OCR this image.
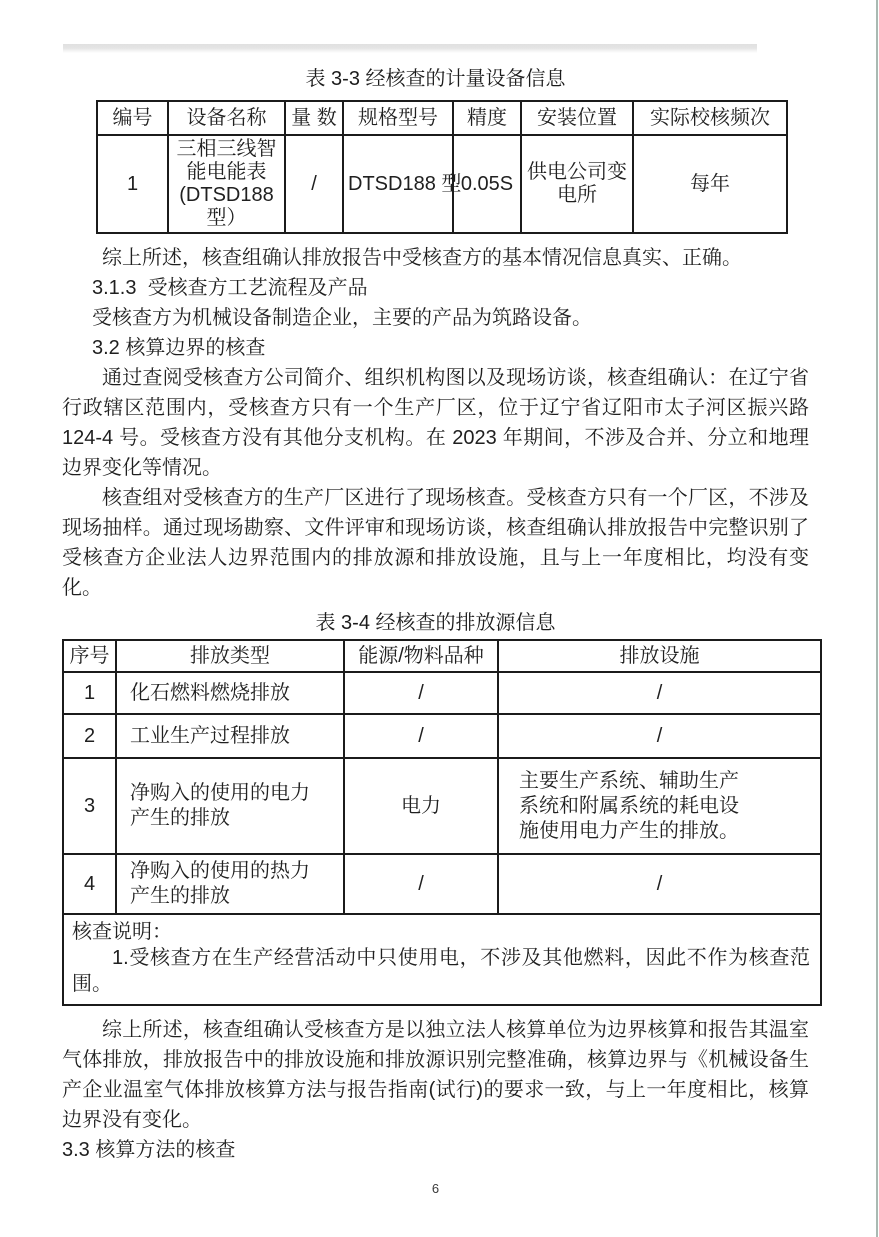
表 3-3 经核查的计量设备信息
编号	设备名称	量 数	规格型号	精度	安装位置	实际校核频次
1	三相三线智能电能表(DTSD188 型）	/	DTSD188 型	0.05S	供电公司变电所	每年

综上所述，核查组确认排放报告中受核查方的基本情况信息真实、正确。

3.1.3  受核查方工艺流程及产品

受核查方为机械设备制造企业，主要的产品为筑路设备。

3.2 核算边界的核查

通过查阅受核查方公司简介、组织机构图以及现场访谈，核查组确认：在辽宁省行政辖区范围内，受核查方只有一个生产厂区，位于辽宁省辽阳市太子河区振兴路 124-4 号。受核查方没有其他分支机构。在 2023 年期间，不涉及合并、分立和地理边界变化等情况。

核查组对受核查方的生产厂区进行了现场核查。受核查方只有一个厂区，不涉及现场抽样。通过现场勘察、文件评审和现场访谈，核查组确认排放报告中完整识别了受核查方企业法人边界范围内的排放源和排放设施，且与上一年度相比，均没有变化。

表 3-4 经核查的排放源信息
序号	排放类型	能源/物料品种	排放设施
1	化石燃料燃烧排放	/	/
2	工业生产过程排放	/	/
3	净购入的使用的电力产生的排放	电力	主要生产系统、辅助生产系统和附属系统的耗电设施使用电力产生的排放。
4	净购入的使用的热力产生的排放	/	/

核查说明：

1.受核查方在生产经营活动中只使用电，不涉及其他燃料，因此不作为核查范围。			

综上所述，核查组确认受核查方是以独立法人核算单位为边界核算和报告其温室气体排放，排放报告中的排放设施和排放源识别完整准确，核算边界与《机械设备生产企业温室气体排放核算方法与报告指南(试行)的要求一致，与上一年度相比，核算边界没有变化。

3.3 核算方法的核查

6
